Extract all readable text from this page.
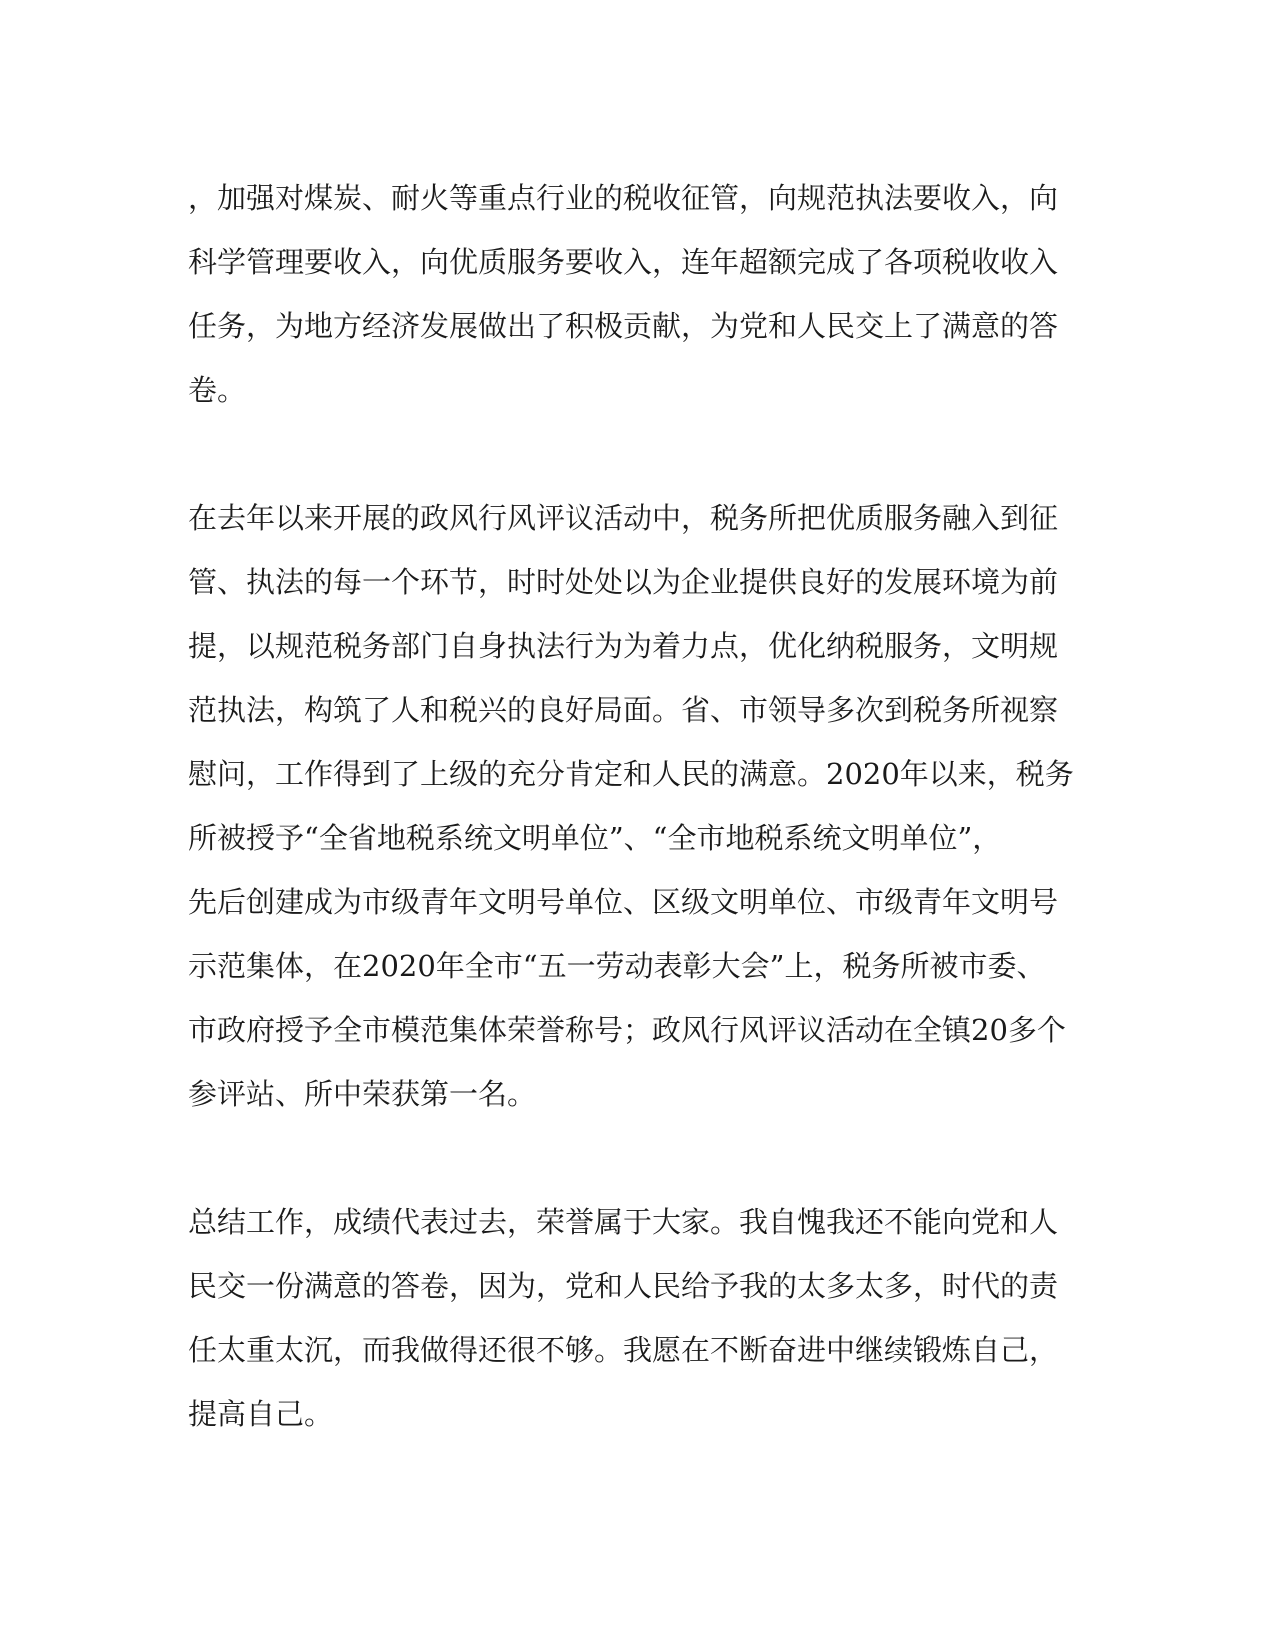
，加强对煤炭、耐火等重点行业的税收征管，向规范执法要收入，向
科学管理要收入，向优质服务要收入，连年超额完成了各项税收收入
任务，为地方经济发展做出了积极贡献，为党和人民交上了满意的答
卷。

在去年以来开展的政风行风评议活动中，税务所把优质服务融入到征
管、执法的每一个环节，时时处处以为企业提供良好的发展环境为前
提，以规范税务部门自身执法行为为着力点，优化纳税服务，文明规
范执法，构筑了人和税兴的良好局面。省、市领导多次到税务所视察
慰问，工作得到了上级的充分肯定和人民的满意。2020年以来，税务
所被授予“全省地税系统文明单位”、“全市地税系统文明单位”，
先后创建成为市级青年文明号单位、区级文明单位、市级青年文明号
示范集体，在2020年全市“五一劳动表彰大会”上，税务所被市委、
市政府授予全市模范集体荣誉称号；政风行风评议活动在全镇20多个
参评站、所中荣获第一名。

总结工作，成绩代表过去，荣誉属于大家。我自愧我还不能向党和人
民交一份满意的答卷，因为，党和人民给予我的太多太多，时代的责
任太重太沉，而我做得还很不够。我愿在不断奋进中继续锻炼自己，
提高自己。
